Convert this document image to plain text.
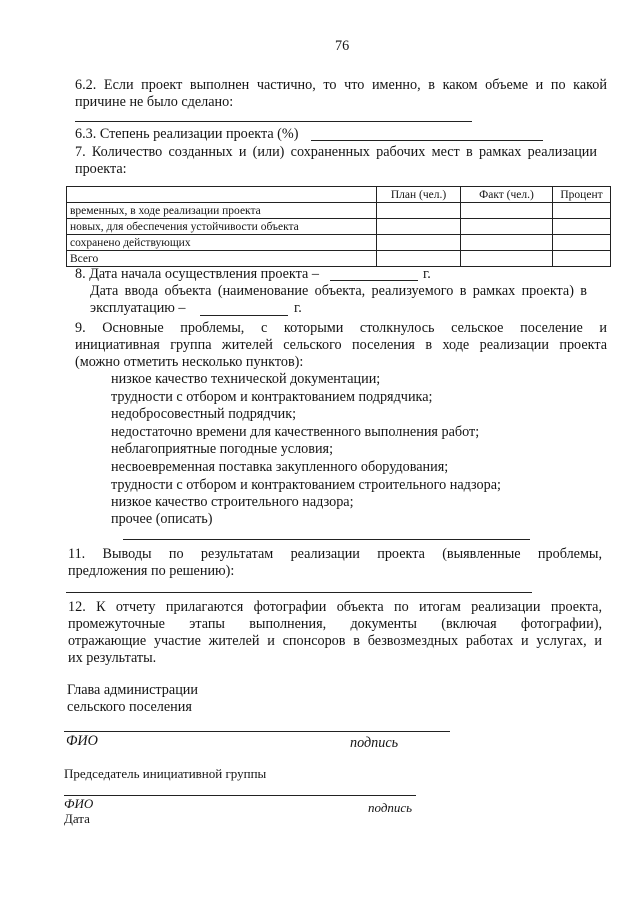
76
6.2. Если проект выполнен частично, то что именно, в каком объеме и по какой
причине не было сделано:
6.3. Степень реализации проекта (%)
7. Количество созданных и (или) сохраненных рабочих мест в рамках реализации
проекта:
	План (чел.)	Факт (чел.)	Процент
временных, в ходе реализации проекта			
новых, для обеспечения устойчивости объекта			
сохранено действующих			
Всего			
8. Дата начала осуществления проекта –	г.
Дата ввода объекта (наименование объекта, реализуемого в рамках проекта) в
эксплуатацию –	г.
9. Основные проблемы, с которыми столкнулось сельское поселение и
инициативная группа жителей сельского поселения в ходе реализации проекта
(можно отметить несколько пунктов):
низкое качество технической документации;
трудности с отбором и контрактованием подрядчика;
недобросовестный подрядчик;
недостаточно времени для качественного выполнения работ;
неблагоприятные погодные условия;
несвоевременная поставка закупленного оборудования;
трудности с отбором и контрактованием строительного надзора;
низкое качество строительного надзора;
прочее (описать)
11. Выводы по результатам реализации проекта (выявленные проблемы,
предложения по решению):
12. К отчету прилагаются фотографии объекта по итогам реализации проекта,
промежуточные этапы выполнения, документы (включая фотографии),
отражающие участие жителей и спонсоров в безвозмездных работах и услугах, и
их результаты.
Глава администрации
сельского поселения
ФИО	подпись
Председатель инициативной группы
ФИО	подпись
Дата
